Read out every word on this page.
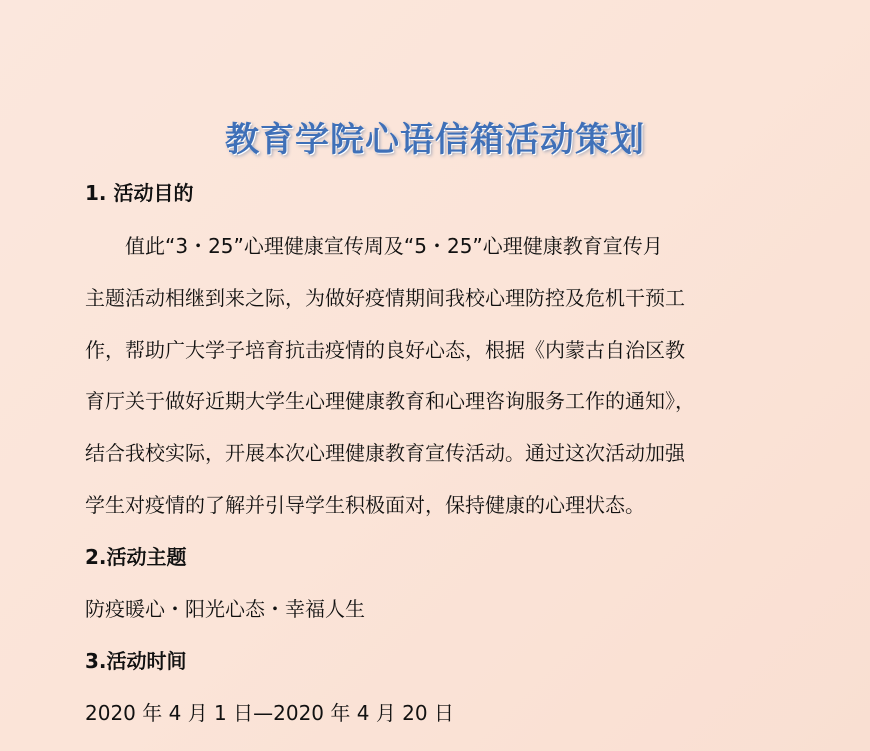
教育学院心语信箱活动策划
1. 活动目的
值此“3・25”心理健康宣传周及“5・25”心理健康教育宣传月
主题活动相继到来之际，为做好疫情期间我校心理防控及危机干预工
作，帮助广大学子培育抗击疫情的良好心态，根据《内蒙古自治区教
育厅关于做好近期大学生心理健康教育和心理咨询服务工作的通知》，
结合我校实际，开展本次心理健康教育宣传活动。通过这次活动加强
学生对疫情的了解并引导学生积极面对，保持健康的心理状态。
2.活动主题
防疫暖心・阳光心态・幸福人生
3.活动时间
2020 年 4 月 1 日—2020 年 4 月 20 日
